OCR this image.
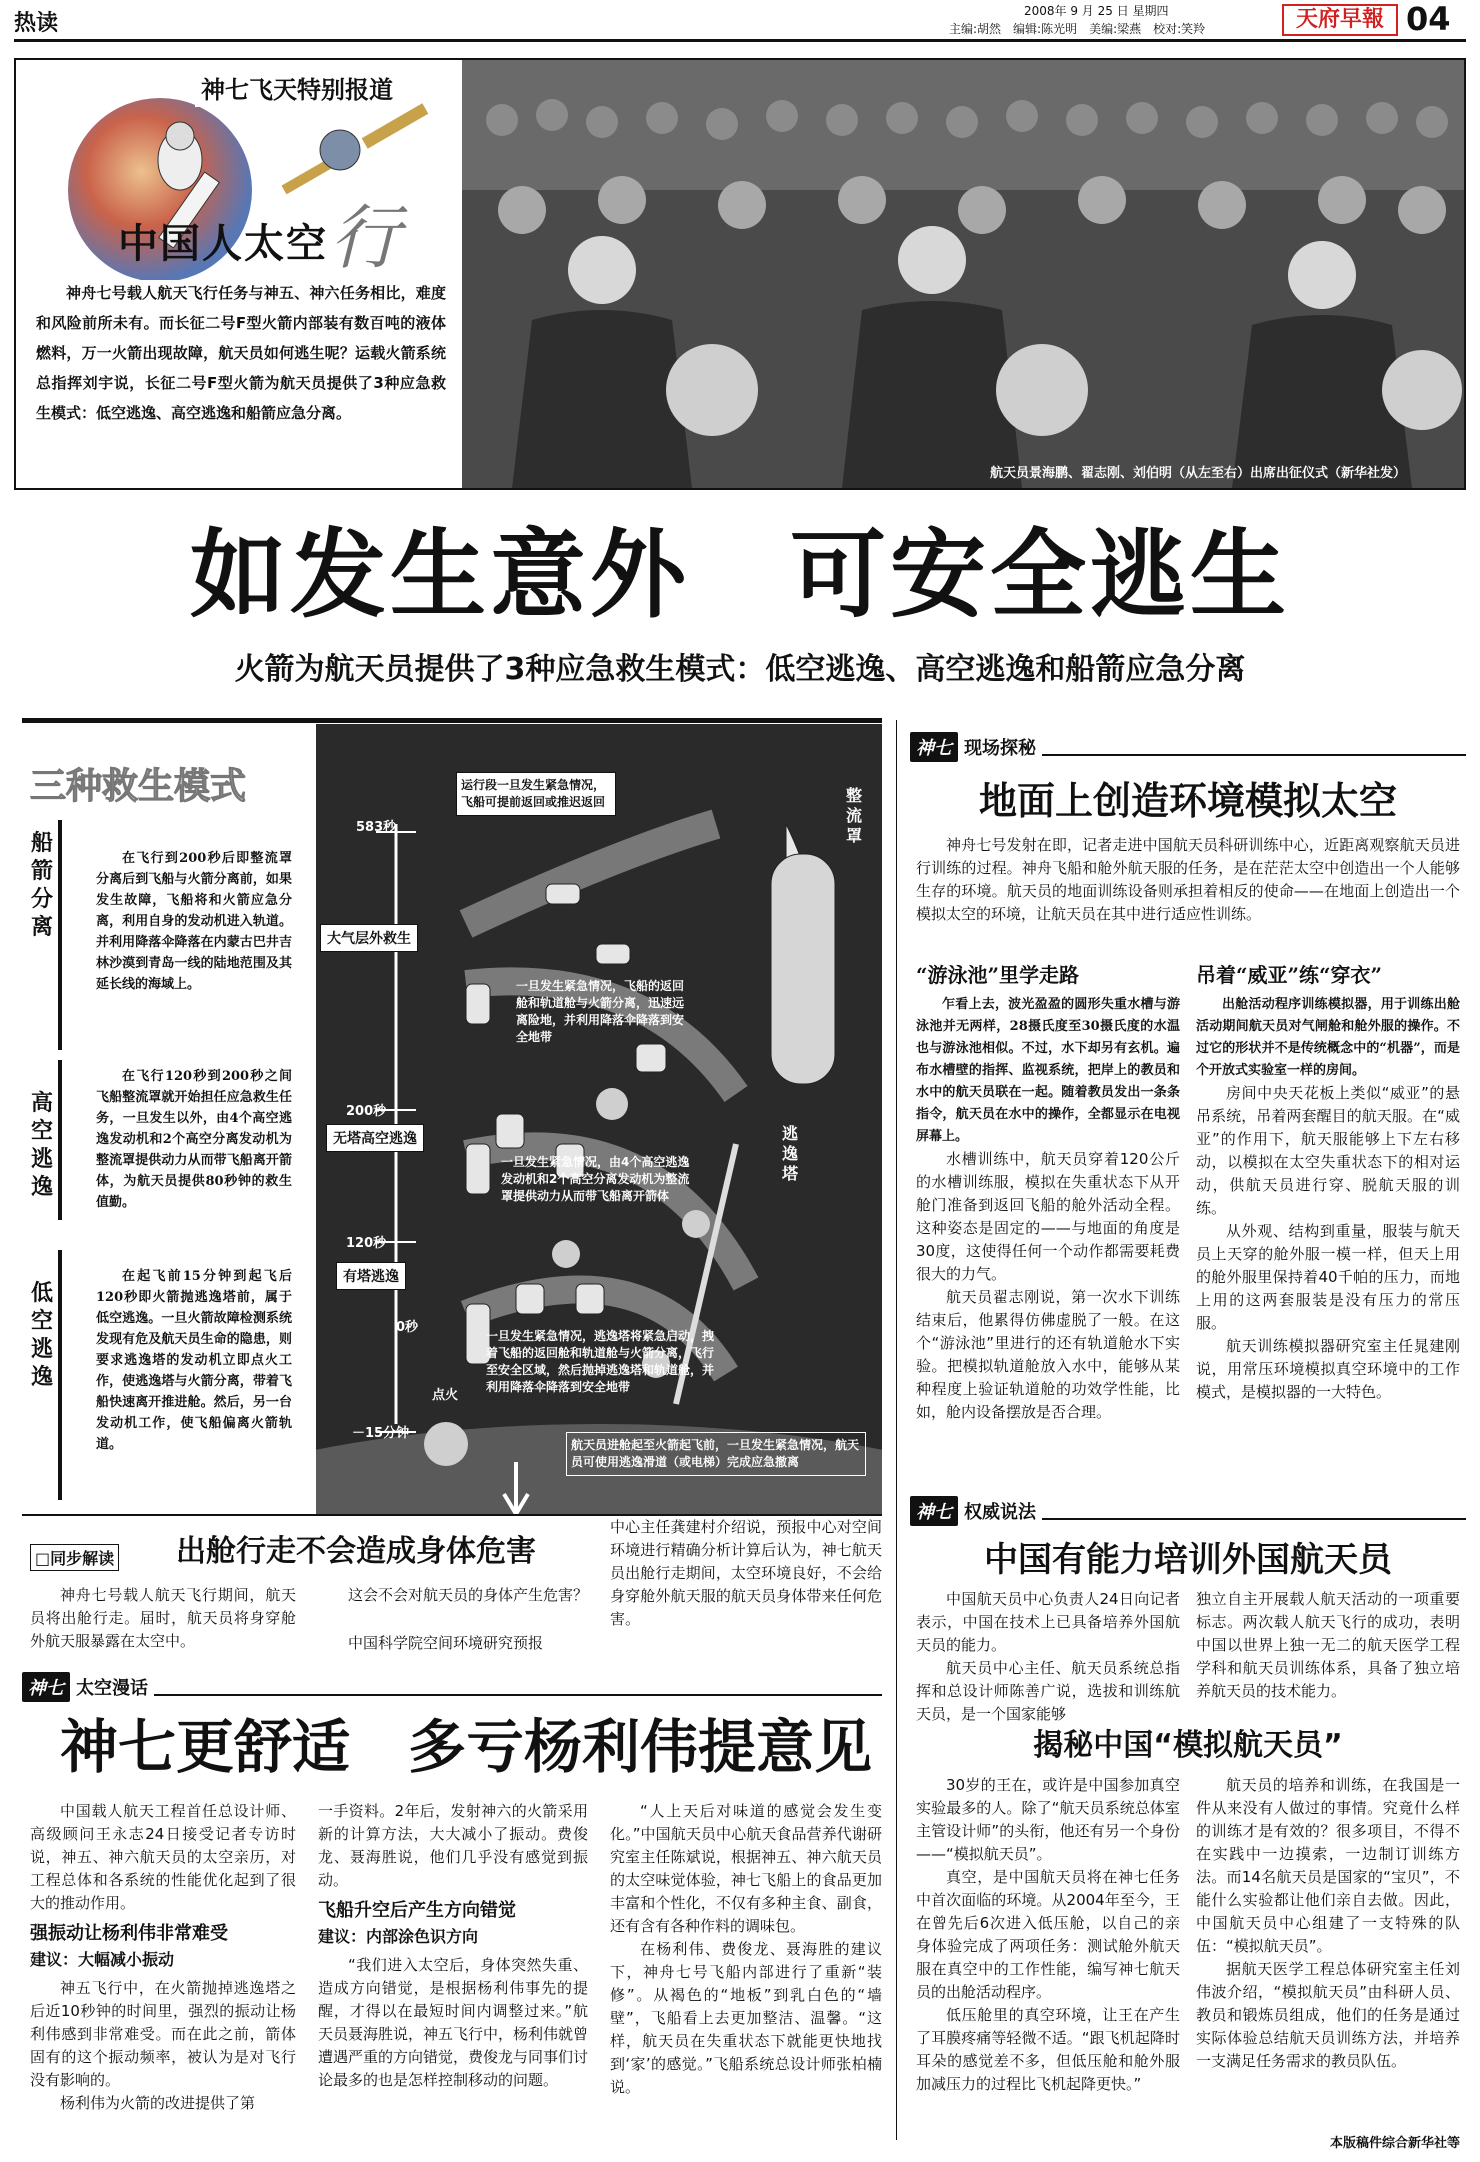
热读	2008年 9 月 25 日 星期四
主编:胡然　编辑:陈光明　美编:梁燕　校对:笑羚	天府早報 04
神七飞天特别报道
中国人太空 行
神舟七号载人航天飞行任务与神五、神六任务相比，难度和风险前所未有。而长征二号F型火箭内部装有数百吨的液体燃料，万一火箭出现故障，航天员如何逃生呢？运载火箭系统总指挥刘宇说，长征二号F型火箭为航天员提供了3种应急救生模式：低空逃逸、高空逃逸和船箭应急分离。
航天员景海鹏、翟志刚、刘伯明（从左至右）出席出征仪式（新华社发）
如发生意外　可安全逃生
火箭为航天员提供了3种应急救生模式：低空逃逸、高空逃逸和船箭应急分离
三种救生模式
船箭分离
高空逃逸
低空逃逸
在飞行到200秒后即整流罩分离后到飞船与火箭分离前，如果发生故障，飞船将和火箭应急分离，利用自身的发动机进入轨道。并利用降落伞降落在内蒙古巴井吉林沙漠到青岛一线的陆地范围及其延长线的海域上。
在飞行120秒到200秒之间飞船整流罩就开始担任应急救生任务，一旦发生以外，由4个高空逃逸发动机和2个高空分离发动机为整流罩提供动力从而带飞船离开箭体，为航天员提供80秒钟的救生值勤。
在起飞前15分钟到起飞后120秒即火箭抛逃逸塔前，属于低空逃逸。一旦火箭故障检测系统发现有危及航天员生命的隐患，则要求逃逸塔的发动机立即点火工作，使逃逸塔与火箭分离，带着飞船快速离开推进舱。然后，另一台发动机工作，使飞船偏离火箭轨道。
583秒
200秒
120秒
0秒
－15分钟
大气层外救生
无塔高空逃逸
有塔逃逸
整流罩
逃逸塔
点火
运行段一旦发生紧急情况，飞船可提前返回或推迟返回
一旦发生紧急情况，飞船的返回舱和轨道舱与火箭分离，迅速远离险地，并利用降落伞降落到安全地带
一旦发生紧急情况，由4个高空逃逸发动机和2个高空分离发动机为整流罩提供动力从而带飞船离开箭体
一旦发生紧急情况，逃逸塔将紧急启动，拽着飞船的返回舱和轨道舱与火箭分离，飞行至安全区域，然后抛掉逃逸塔和轨道舱，并利用降落伞降落到安全地带
航天员进舱起至火箭起飞前，一旦发生紧急情况，航天员可使用逃逸滑道（或电梯）完成应急撤离
□同步解读 出舱行走不会造成身体危害
神舟七号载人航天飞行期间，航天员将出舱行走。届时，航天员将身穿舱外航天服暴露在太空中。
这会不会对航天员的身体产生危害？
中国科学院空间环境研究预报
中心主任龚建村介绍说，预报中心对空间环境进行精确分析计算后认为，神七航天员出舱行走期间，太空环境良好，不会给身穿舱外航天服的航天员身体带来任何危害。
神七 太空漫话
神七更舒适　多亏杨利伟提意见

中国载人航天工程首任总设计师、高级顾问王永志24日接受记者专访时说，神五、神六航天员的太空亲历，对工程总体和各系统的性能优化起到了很大的推动作用。

强振动让杨利伟非常难受
建议：大幅减小振动

神五飞行中，在火箭抛掉逃逸塔之后近10秒钟的时间里，强烈的振动让杨利伟感到非常难受。而在此之前，箭体固有的这个振动频率，被认为是对飞行没有影响的。

杨利伟为火箭的改进提供了第

一手资料。2年后，发射神六的火箭采用新的计算方法，大大减小了振动。费俊龙、聂海胜说，他们几乎没有感觉到振动。

飞船升空后产生方向错觉
建议：内部涂色识方向

“我们进入太空后，身体突然失重、造成方向错觉，是根据杨利伟事先的提醒，才得以在最短时间内调整过来。”航天员聂海胜说，神五飞行中，杨利伟就曾遭遇严重的方向错觉，费俊龙与同事们讨论最多的也是怎样控制移动的问题。

“人上天后对味道的感觉会发生变化。”中国航天员中心航天食品营养代谢研究室主任陈斌说，根据神五、神六航天员的太空味觉体验，神七飞船上的食品更加丰富和个性化，不仅有多种主食、副食，还有含有各种作料的调味包。

在杨利伟、费俊龙、聂海胜的建议下，神舟七号飞船内部进行了重新“装修”。从褐色的“地板”到乳白色的“墙壁”，飞船看上去更加整洁、温馨。“这样，航天员在失重状态下就能更快地找到‘家’的感觉。”飞船系统总设计师张柏楠说。

神七 现场探秘
地面上创造环境模拟太空
神舟七号发射在即，记者走进中国航天员科研训练中心，近距离观察航天员进行训练的过程。神舟飞船和舱外航天服的任务，是在茫茫太空中创造出一个人能够生存的环境。航天员的地面训练设备则承担着相反的使命——在地面上创造出一个模拟太空的环境，让航天员在其中进行适应性训练。
“游泳池”里学走路

乍看上去，波光盈盈的圆形失重水槽与游泳池并无两样，28摄氏度至30摄氏度的水温也与游泳池相似。不过，水下却另有玄机。遍布水槽壁的指挥、监视系统，把岸上的教员和水中的航天员联在一起。随着教员发出一条条指令，航天员在水中的操作，全都显示在电视屏幕上。

水槽训练中，航天员穿着120公斤的水槽训练服，模拟在失重状态下从开舱门准备到返回飞船的舱外活动全程。这种姿态是固定的——与地面的角度是30度，这使得任何一个动作都需要耗费很大的力气。

航天员翟志刚说，第一次水下训练结束后，他累得仿佛虚脱了一般。在这个“游泳池”里进行的还有轨道舱水下实验。把模拟轨道舱放入水中，能够从某种程度上验证轨道舱的功效学性能，比如，舱内设备摆放是否合理。

吊着“威亚”练“穿衣”

出舱活动程序训练模拟器，用于训练出舱活动期间航天员对气闸舱和舱外服的操作。不过它的形状并不是传统概念中的“机器”，而是个开放式实验室一样的房间。

房间中央天花板上类似“威亚”的悬吊系统，吊着两套醒目的航天服。在“威亚”的作用下，航天服能够上下左右移动，以模拟在太空失重状态下的相对运动，供航天员进行穿、脱航天服的训练。

从外观、结构到重量，服装与航天员上天穿的舱外服一模一样，但天上用的舱外服里保持着40千帕的压力，而地上用的这两套服装是没有压力的常压服。

航天训练模拟器研究室主任晁建刚说，用常压环境模拟真空环境中的工作模式，是模拟器的一大特色。

神七 权威说法
中国有能力培训外国航天员

中国航天员中心负责人24日向记者表示，中国在技术上已具备培养外国航天员的能力。

航天员中心主任、航天员系统总指挥和总设计师陈善广说，选拔和训练航天员，是一个国家能够

独立自主开展载人航天活动的一项重要标志。两次载人航天飞行的成功，表明中国以世界上独一无二的航天医学工程学科和航天员训练体系，具备了独立培养航天员的技术能力。

揭秘中国“模拟航天员”

30岁的王在，或许是中国参加真空实验最多的人。除了“航天员系统总体室主管设计师”的头衔，他还有另一个身份——“模拟航天员”。

真空，是中国航天员将在神七任务中首次面临的环境。从2004年至今，王在曾先后6次进入低压舱，以自己的亲身体验完成了两项任务：测试舱外航天服在真空中的工作性能，编写神七航天员的出舱活动程序。

低压舱里的真空环境，让王在产生了耳膜疼痛等轻微不适。“跟飞机起降时耳朵的感觉差不多，但低压舱和舱外服加减压力的过程比飞机起降更快。”

航天员的培养和训练，在我国是一件从来没有人做过的事情。究竟什么样的训练才是有效的？很多项目，不得不在实践中一边摸索，一边制订训练方法。而14名航天员是国家的“宝贝”，不能什么实验都让他们亲自去做。因此，中国航天员中心组建了一支特殊的队伍：“模拟航天员”。

据航天医学工程总体研究室主任刘伟波介绍，“模拟航天员”由科研人员、教员和锻炼员组成，他们的任务是通过实际体验总结航天员训练方法，并培养一支满足任务需求的教员队伍。

本版稿件综合新华社等
